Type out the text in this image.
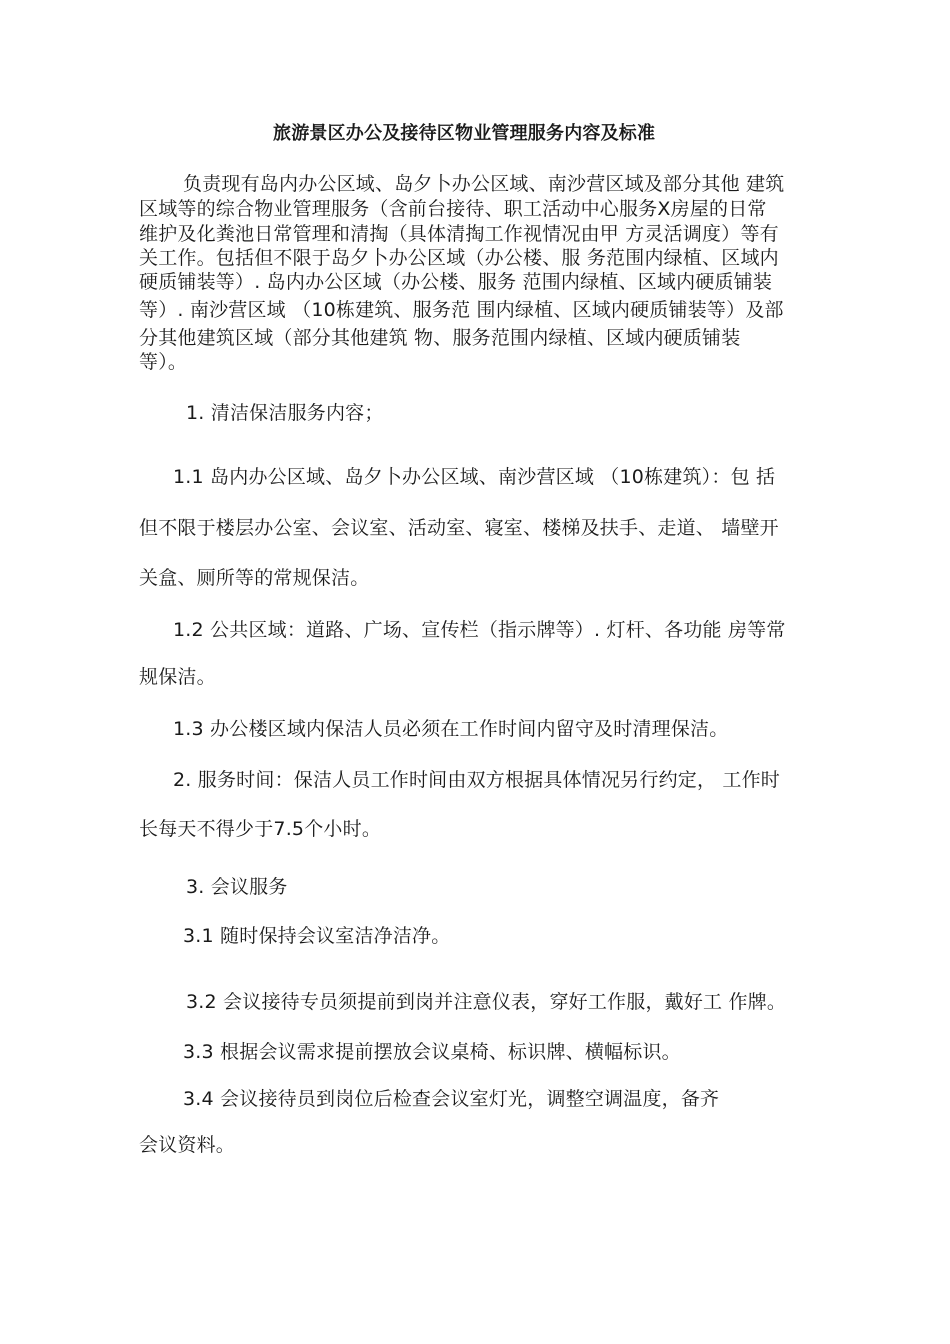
旅游景区办公及接待区物业管理服务内容及标准
负责现有岛内办公区域、岛夕卜办公区域、南沙营区域及部分其他 建筑
区域等的综合物业管理服务（含前台接待、职工活动中心服务X房屋的日常
维护及化粪池日常管理和清掏（具体清掏工作视情况由甲 方灵活调度）等有
关工作。包括但不限于岛夕卜办公区域（办公楼、服 务范围内绿植、区域内
硬质铺装等）. 岛内办公区域（办公楼、服务 范围内绿植、区域内硬质铺装
等）. 南沙营区域 （10栋建筑、服务范 围内绿植、区域内硬质铺装等）及部
分其他建筑区域（部分其他建筑 物、服务范围内绿植、区域内硬质铺装
等）。
1. 清洁保洁服务内容；
1.1 岛内办公区域、岛夕卜办公区域、南沙营区域 （10栋建筑）：包 括
但不限于楼层办公室、会议室、活动室、寝室、楼梯及扶手、走道、 墙壁开
关盒、厕所等的常规保洁。
1.2 公共区域：道路、广场、宣传栏（指示牌等）. 灯杆、各功能 房等常
规保洁。
1.3 办公楼区域内保洁人员必须在工作时间内留守及时清理保洁。
2. 服务时间：保洁人员工作时间由双方根据具体情况另行约定， 工作时
长每天不得少于7.5个小时。
3. 会议服务
3.1 随时保持会议室洁净洁净。
3.2 会议接待专员须提前到岗并注意仪表，穿好工作服，戴好工 作牌。
3.3 根据会议需求提前摆放会议桌椅、标识牌、横幅标识。
3.4 会议接待员到岗位后检查会议室灯光，调整空调温度，备齐
会议资料。
